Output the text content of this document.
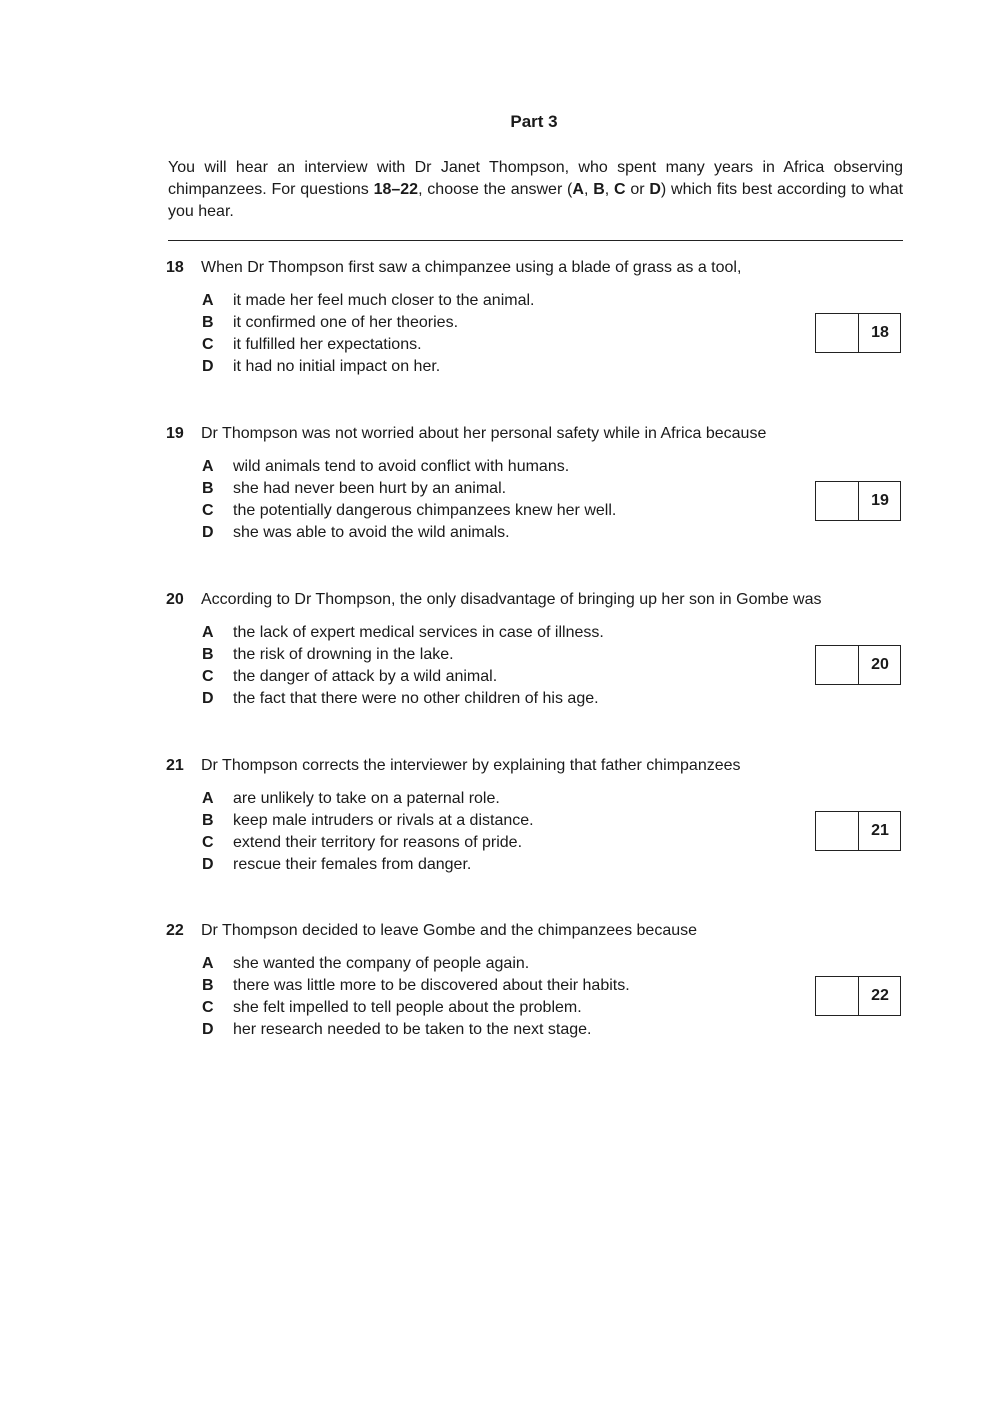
Part 3
You will hear an interview with Dr Janet Thompson, who spent many years in Africa observing chimpanzees. For questions 18–22, choose the answer (A, B, C or D) which fits best according to what you hear.
18 When Dr Thompson first saw a chimpanzee using a blade of grass as a tool,
A it made her feel much closer to the animal.
B it confirmed one of her theories.
C it fulfilled her expectations.
D it had no initial impact on her.
18
19 Dr Thompson was not worried about her personal safety while in Africa because
A wild animals tend to avoid conflict with humans.
B she had never been hurt by an animal.
C the potentially dangerous chimpanzees knew her well.
D she was able to avoid the wild animals.
19
20 According to Dr Thompson, the only disadvantage of bringing up her son in Gombe was
A the lack of expert medical services in case of illness.
B the risk of drowning in the lake.
C the danger of attack by a wild animal.
D the fact that there were no other children of his age.
20
21 Dr Thompson corrects the interviewer by explaining that father chimpanzees
A are unlikely to take on a paternal role.
B keep male intruders or rivals at a distance.
C extend their territory for reasons of pride.
D rescue their females from danger.
21
22 Dr Thompson decided to leave Gombe and the chimpanzees because
A she wanted the company of people again.
B there was little more to be discovered about their habits.
C she felt impelled to tell people about the problem.
D her research needed to be taken to the next stage.
22
